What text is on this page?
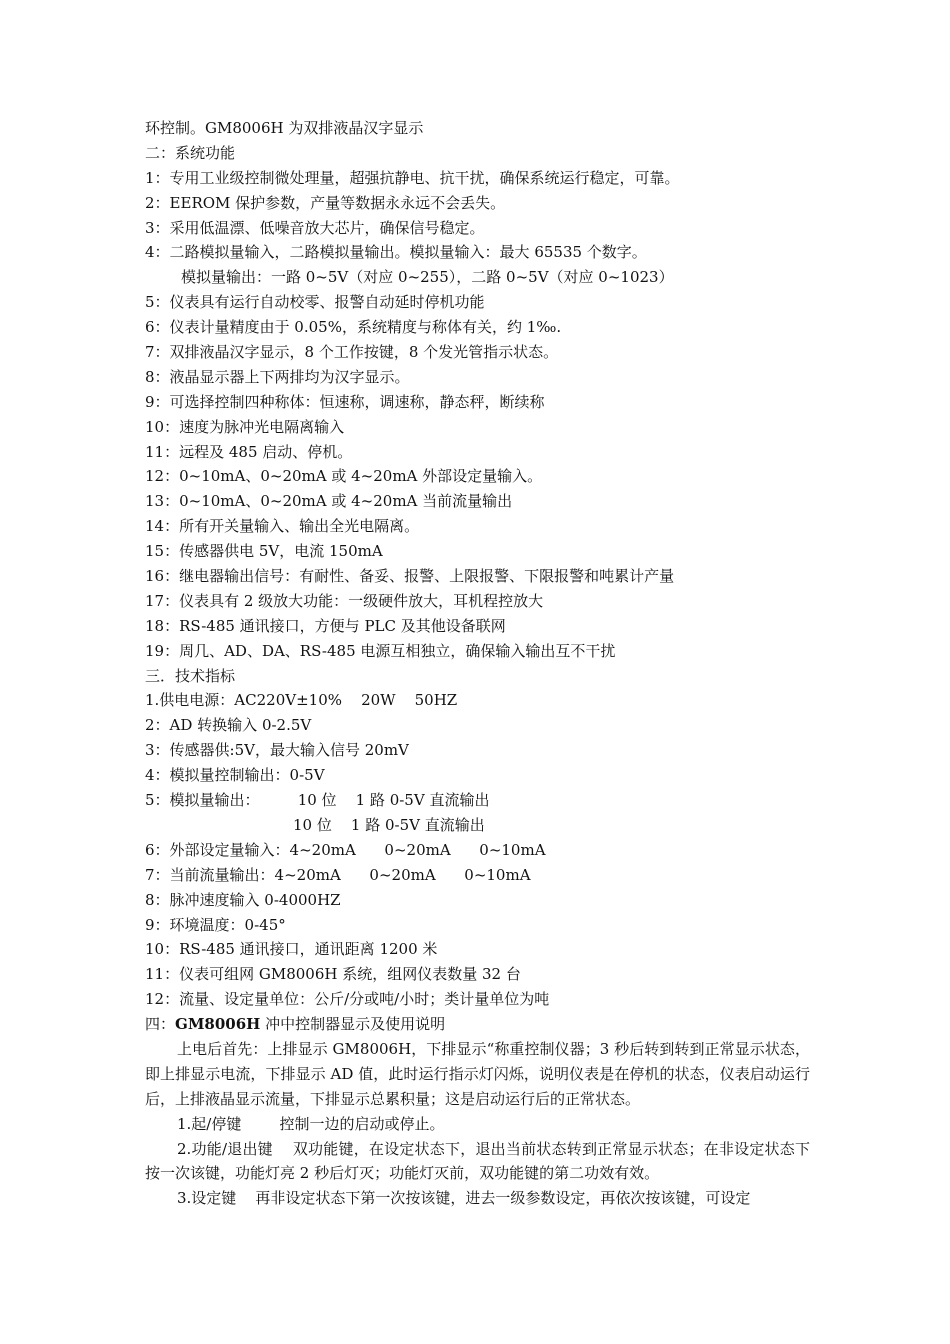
环控制。GM8006H 为双排液晶汉字显示
二：系统功能
1：专用工业级控制微处理量，超强抗静电、抗干扰，确保系统运行稳定，可靠。
2：EEROM 保护参数，产量等数据永永远不会丢失。
3：采用低温漂、低噪音放大芯片，确保信号稳定。
4：二路模拟量输入，二路模拟量输出。模拟量输入：最大 65535 个数字。
模拟量输出：一路 0~5V（对应 0~255），二路 0~5V（对应 0~1023）
5：仪表具有运行自动校零、报警自动延时停机功能
6：仪表计量精度由于 0.05%，系统精度与称体有关，约 1‰.
7：双排液晶汉字显示，8 个工作按键，8 个发光管指示状态。
8：液晶显示器上下两排均为汉字显示。
9：可选择控制四种称体：恒速称，调速称，静态秤，断续称
10：速度为脉冲光电隔离输入
11：远程及 485 启动、停机。
12：0~10mA、0~20mA 或 4~20mA 外部设定量输入。
13：0~10mA、0~20mA 或 4~20mA 当前流量输出
14：所有开关量输入、输出全光电隔离。
15：传感器供电 5V，电流 150mA
16：继电器输出信号：有耐性、备妥、报警、上限报警、下限报警和吨累计产量
17：仪表具有 2 级放大功能：一级硬件放大，耳机程控放大
18：RS-485 通讯接口，方便与 PLC 及其他设备联网
19：周几、AD、DA、RS-485 电源互相独立，确保输入输出互不干扰
三．技术指标
1.供电电源：AC220V±10%    20W    50HZ
2：AD 转换输入 0-2.5V
3：传感器供:5V，最大输入信号 20mV
4：模拟量控制输出：0-5V
5：模拟量输出：        10 位    1 路 0-5V 直流输出
10 位    1 路 0-5V 直流输出
6：外部设定量输入：4~20mA      0~20mA      0~10mA
7：当前流量输出：4~20mA      0~20mA      0~10mA
8：脉冲速度输入 0-4000HZ
9：环境温度：0-45°
10：RS-485 通讯接口，通讯距离 1200 米
11：仪表可组网 GM8006H 系统，组网仪表数量 32 台
12：流量、设定量单位：公斤/分或吨/小时；类计量单位为吨
四：GM8006H 冲中控制器显示及使用说明
上电后首先：上排显示 GM8006H，下排显示“称重控制仪器；3 秒后转到转到正常显示状态，即上排显示电流，下排显示 AD 值，此时运行指示灯闪烁，说明仪表是在停机的状态，仪表启动运行后，上排液晶显示流量，下排显示总累积量；这是启动运行后的正常状态。
1.起/停键        控制一边的启动或停止。
2.功能/退出键    双功能键，在设定状态下，退出当前状态转到正常显示状态；在非设定状态下按一次该键，功能灯亮 2 秒后灯灭；功能灯灭前，双功能键的第二功效有效。
3.设定键    再非设定状态下第一次按该键，进去一级参数设定，再依次按该键，可设定
